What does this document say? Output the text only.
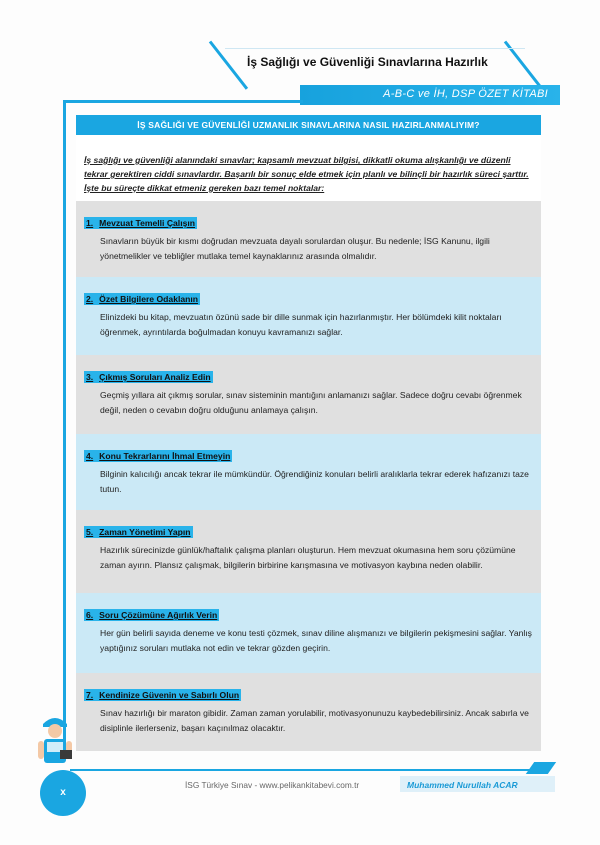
İş Sağlığı ve Güvenliği Sınavlarına Hazırlık
A-B-C ve İH, DSP ÖZET KİTABI
İŞ SAĞLIĞI VE GÜVENLİĞİ UZMANLIK SINAVLARINA NASIL HAZIRLANMALIYIM?
İş sağlığı ve güvenliği alanındaki sınavlar; kapsamlı mevzuat bilgisi, dikkatli okuma alışkanlığı ve düzenli tekrar gerektiren ciddi sınavlardır. Başarılı bir sonuç elde etmek için planlı ve bilinçli bir hazırlık süreci şarttır. İşte bu süreçte dikkat etmeniz gereken bazı temel noktalar:
1. Mevzuat Temelli Çalışın
Sınavların büyük bir kısmı doğrudan mevzuata dayalı sorulardan oluşur. Bu nedenle; İSG Kanunu, ilgili yönetmelikler ve tebliğler mutlaka temel kaynaklarınız arasında olmalıdır.
2. Özet Bilgilere Odaklanın
Elinizdeki bu kitap, mevzuatın özünü sade bir dille sunmak için hazırlanmıştır. Her bölümdeki kilit noktaları öğrenmek, ayrıntılarda boğulmadan konuyu kavramanızı sağlar.
3. Çıkmış Soruları Analiz Edin
Geçmiş yıllara ait çıkmış sorular, sınav sisteminin mantığını anlamanızı sağlar. Sadece doğru cevabı öğrenmek değil, neden o cevabın doğru olduğunu anlamaya çalışın.
4. Konu Tekrarlarını İhmal Etmeyin
Bilginin kalıcılığı ancak tekrar ile mümkündür. Öğrendiğiniz konuları belirli aralıklarla tekrar ederek hafızanızı taze tutun.
5. Zaman Yönetimi Yapın
Hazırlık sürecinizde günlük/haftalık çalışma planları oluşturun. Hem mevzuat okumasına hem soru çözümüne zaman ayırın. Plansız çalışmak, bilgilerin birbirine karışmasına ve motivasyon kaybına neden olabilir.
6. Soru Çözümüne Ağırlık Verin
Her gün belirli sayıda deneme ve konu testi çözmek, sınav diline alışmanızı ve bilgilerin pekişmesini sağlar. Yanlış yaptığınız soruları mutlaka not edin ve tekrar gözden geçirin.
7. Kendinize Güvenin ve Sabırlı Olun
Sınav hazırlığı bir maraton gibidir. Zaman zaman yorulabilir, motivasyonunuzu kaybedebilirsiniz. Ancak sabırla ve disiplinle ilerlerseniz, başarı kaçınılmaz olacaktır.
x
İSG Türkiye Sınav - www.pelikankitabevi.com.tr	Muhammed Nurullah ACAR
